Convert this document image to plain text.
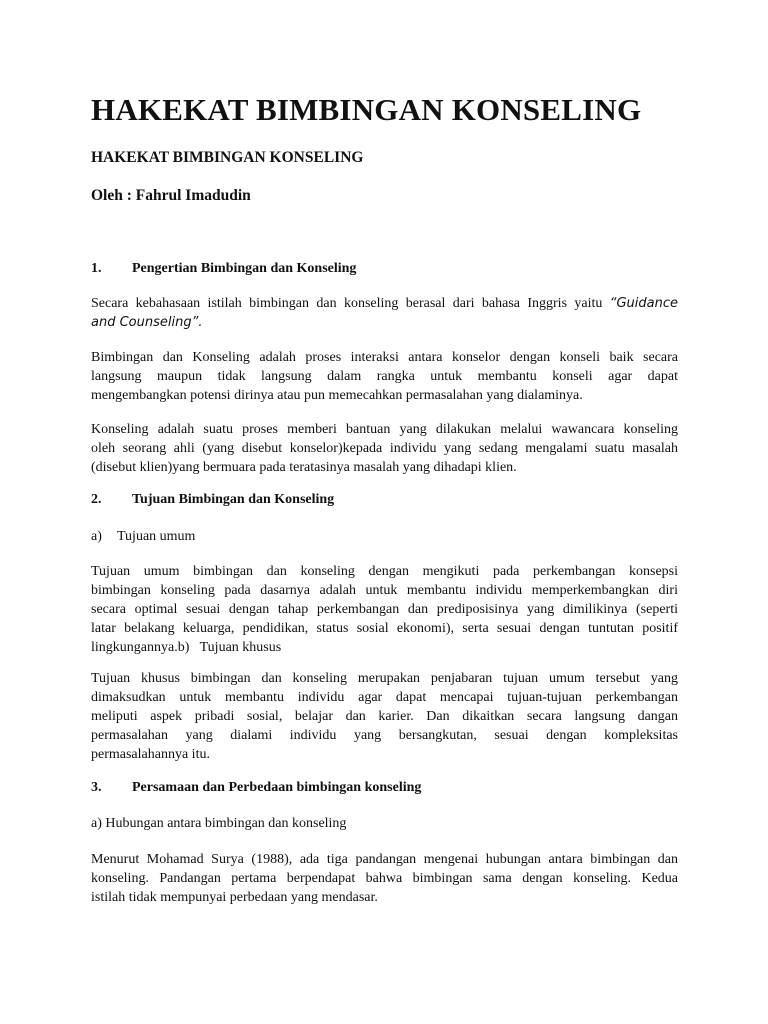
HAKEKAT BIMBINGAN KONSELING
HAKEKAT BIMBINGAN KONSELING
Oleh : Fahrul Imadudin
1. Pengertian Bimbingan dan Konseling
Secara kebahasaan istilah bimbingan dan konseling berasal dari bahasa Inggris yaitu “Guidance
and Counseling”.
Bimbingan dan Konseling adalah proses interaksi antara konselor dengan konseli baik secara
langsung maupun tidak langsung dalam rangka untuk membantu konseli agar dapat
mengembangkan potensi dirinya atau pun memecahkan permasalahan yang dialaminya.
Konseling adalah suatu proses memberi bantuan yang dilakukan melalui wawancara konseling
oleh seorang ahli (yang disebut konselor)kepada individu yang sedang mengalami suatu masalah
(disebut klien)yang bermuara pada teratasinya masalah yang dihadapi klien.
2. Tujuan Bimbingan dan Konseling
a) Tujuan umum
Tujuan umum bimbingan dan konseling dengan mengikuti pada perkembangan konsepsi
bimbingan konseling pada dasarnya adalah untuk membantu individu memperkembangkan diri
secara optimal sesuai dengan tahap perkembangan dan prediposisinya yang dimilikinya (seperti
latar belakang keluarga, pendidikan, status sosial ekonomi), serta sesuai dengan tuntutan positif
lingkungannya.b)   Tujuan khusus
Tujuan khusus bimbingan dan konseling merupakan penjabaran tujuan umum tersebut yang
dimaksudkan untuk membantu individu agar dapat mencapai tujuan-tujuan perkembangan
meliputi aspek pribadi sosial, belajar dan karier. Dan dikaitkan secara langsung dangan
permasalahan yang dialami individu yang bersangkutan, sesuai dengan kompleksitas
permasalahannya itu.
3. Persamaan dan Perbedaan bimbingan konseling
a) Hubungan antara bimbingan dan konseling
Menurut Mohamad Surya (1988), ada tiga pandangan mengenai hubungan antara bimbingan dan
konseling. Pandangan pertama berpendapat bahwa bimbingan sama dengan konseling. Kedua
istilah tidak mempunyai perbedaan yang mendasar.
